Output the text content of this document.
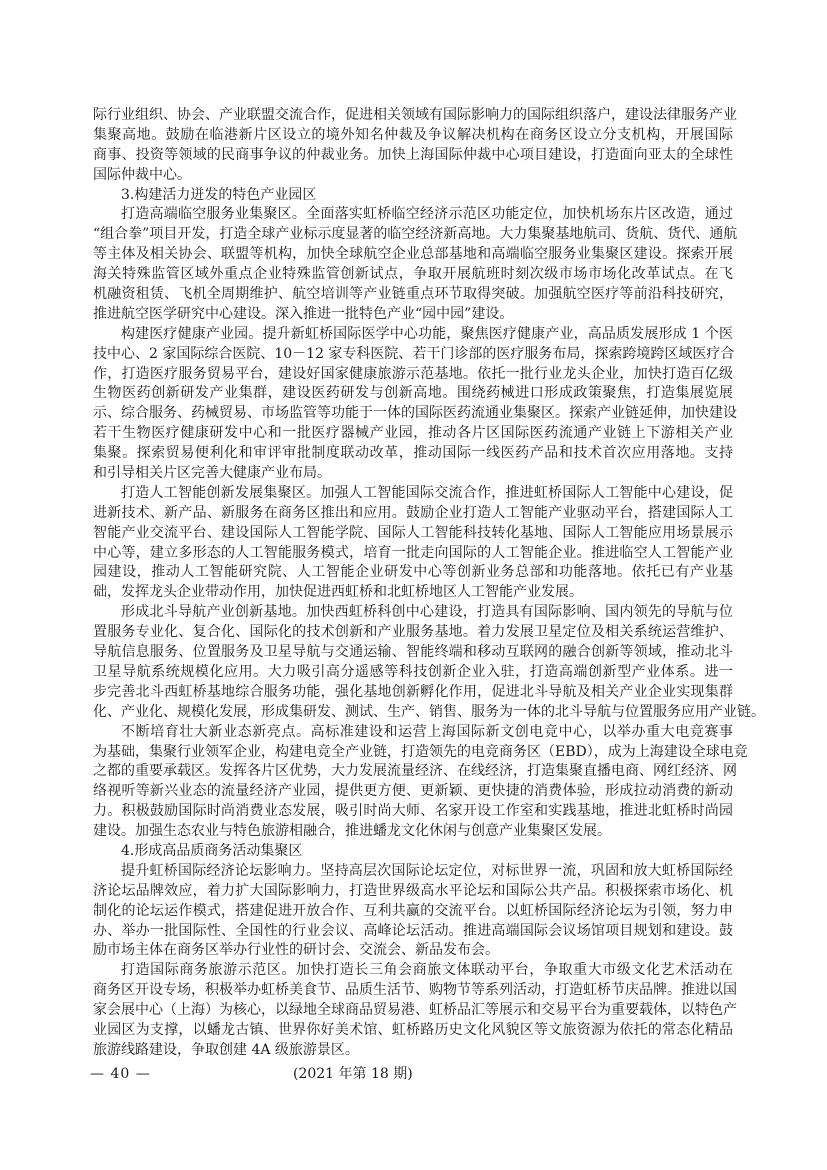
际行业组织、协会、产业联盟交流合作，促进相关领域有国际影响力的国际组织落户，建设法律服务产业
集聚高地。鼓励在临港新片区设立的境外知名仲裁及争议解决机构在商务区设立分支机构，开展国际
商事、投资等领域的民商事争议的仲裁业务。加快上海国际仲裁中心项目建设，打造面向亚太的全球性
国际仲裁中心。
3.构建活力迸发的特色产业园区
打造高端临空服务业集聚区。全面落实虹桥临空经济示范区功能定位，加快机场东片区改造，通过
“组合拳”项目开发，打造全球产业标示度显著的临空经济新高地。大力集聚基地航司、货航、货代、通航
等主体及相关协会、联盟等机构，加快全球航空企业总部基地和高端临空服务业集聚区建设。探索开展
海关特殊监管区域外重点企业特殊监管创新试点，争取开展航班时刻次级市场市场化改革试点。在飞
机融资租赁、飞机全周期维护、航空培训等产业链重点环节取得突破。加强航空医疗等前沿科技研究，
推进航空医学研究中心建设。深入推进一批特色产业“园中园”建设。
构建医疗健康产业园。提升新虹桥国际医学中心功能，聚焦医疗健康产业，高品质发展形成 1 个医
技中心、2 家国际综合医院、10－12 家专科医院、若干门诊部的医疗服务布局，探索跨境跨区域医疗合
作，打造医疗服务贸易平台，建设好国家健康旅游示范基地。依托一批行业龙头企业，加快打造百亿级
生物医药创新研发产业集群，建设医药研发与创新高地。围绕药械进口形成政策聚焦，打造集展览展
示、综合服务、药械贸易、市场监管等功能于一体的国际医药流通业集聚区。探索产业链延伸，加快建设
若干生物医疗健康研发中心和一批医疗器械产业园，推动各片区国际医药流通产业链上下游相关产业
集聚。探索贸易便利化和审评审批制度联动改革，推动国际一线医药产品和技术首次应用落地。支持
和引导相关片区完善大健康产业布局。
打造人工智能创新发展集聚区。加强人工智能国际交流合作，推进虹桥国际人工智能中心建设，促
进新技术、新产品、新服务在商务区推出和应用。鼓励企业打造人工智能产业驱动平台，搭建国际人工
智能产业交流平台、建设国际人工智能学院、国际人工智能科技转化基地、国际人工智能应用场景展示
中心等，建立多形态的人工智能服务模式，培育一批走向国际的人工智能企业。推进临空人工智能产业
园建设，推动人工智能研究院、人工智能企业研发中心等创新业务总部和功能落地。依托已有产业基
础，发挥龙头企业带动作用，加快促进西虹桥和北虹桥地区人工智能产业发展。
形成北斗导航产业创新基地。加快西虹桥科创中心建设，打造具有国际影响、国内领先的导航与位
置服务专业化、复合化、国际化的技术创新和产业服务基地。着力发展卫星定位及相关系统运营维护、
导航信息服务、位置服务及卫星导航与交通运输、智能终端和移动互联网的融合创新等领域，推动北斗
卫星导航系统规模化应用。大力吸引高分遥感等科技创新企业入驻，打造高端创新型产业体系。进一
步完善北斗西虹桥基地综合服务功能，强化基地创新孵化作用，促进北斗导航及相关产业企业实现集群
化、产业化、规模化发展，形成集研发、测试、生产、销售、服务为一体的北斗导航与位置服务应用产业链。
不断培育壮大新业态新亮点。高标准建设和运营上海国际新文创电竞中心，以举办重大电竞赛事
为基础，集聚行业领军企业，构建电竞全产业链，打造领先的电竞商务区（EBD），成为上海建设全球电竞
之都的重要承载区。发挥各片区优势，大力发展流量经济、在线经济，打造集聚直播电商、网红经济、网
络视听等新兴业态的流量经济产业园，提供更方便、更新颖、更快捷的消费体验，形成拉动消费的新动
力。积极鼓励国际时尚消费业态发展，吸引时尚大师、名家开设工作室和实践基地，推进北虹桥时尚园
建设。加强生态农业与特色旅游相融合，推进蟠龙文化休闲与创意产业集聚区发展。
4.形成高品质商务活动集聚区
提升虹桥国际经济论坛影响力。坚持高层次国际论坛定位，对标世界一流，巩固和放大虹桥国际经
济论坛品牌效应，着力扩大国际影响力，打造世界级高水平论坛和国际公共产品。积极探索市场化、机
制化的论坛运作模式，搭建促进开放合作、互利共赢的交流平台。以虹桥国际经济论坛为引领，努力申
办、举办一批国际性、全国性的行业会议、高峰论坛活动。推进高端国际会议场馆项目规划和建设。鼓
励市场主体在商务区举办行业性的研讨会、交流会、新品发布会。
打造国际商务旅游示范区。加快打造长三角会商旅文体联动平台，争取重大市级文化艺术活动在
商务区开设专场，积极举办虹桥美食节、品质生活节、购物节等系列活动，打造虹桥节庆品牌。推进以国
家会展中心（上海）为核心，以绿地全球商品贸易港、虹桥品汇等展示和交易平台为重要载体，以特色产
业园区为支撑，以蟠龙古镇、世界你好美术馆、虹桥路历史文化风貌区等文旅资源为依托的常态化精品
旅游线路建设，争取创建 4A 级旅游景区。
— 40 —	(2021 年第 18 期)
